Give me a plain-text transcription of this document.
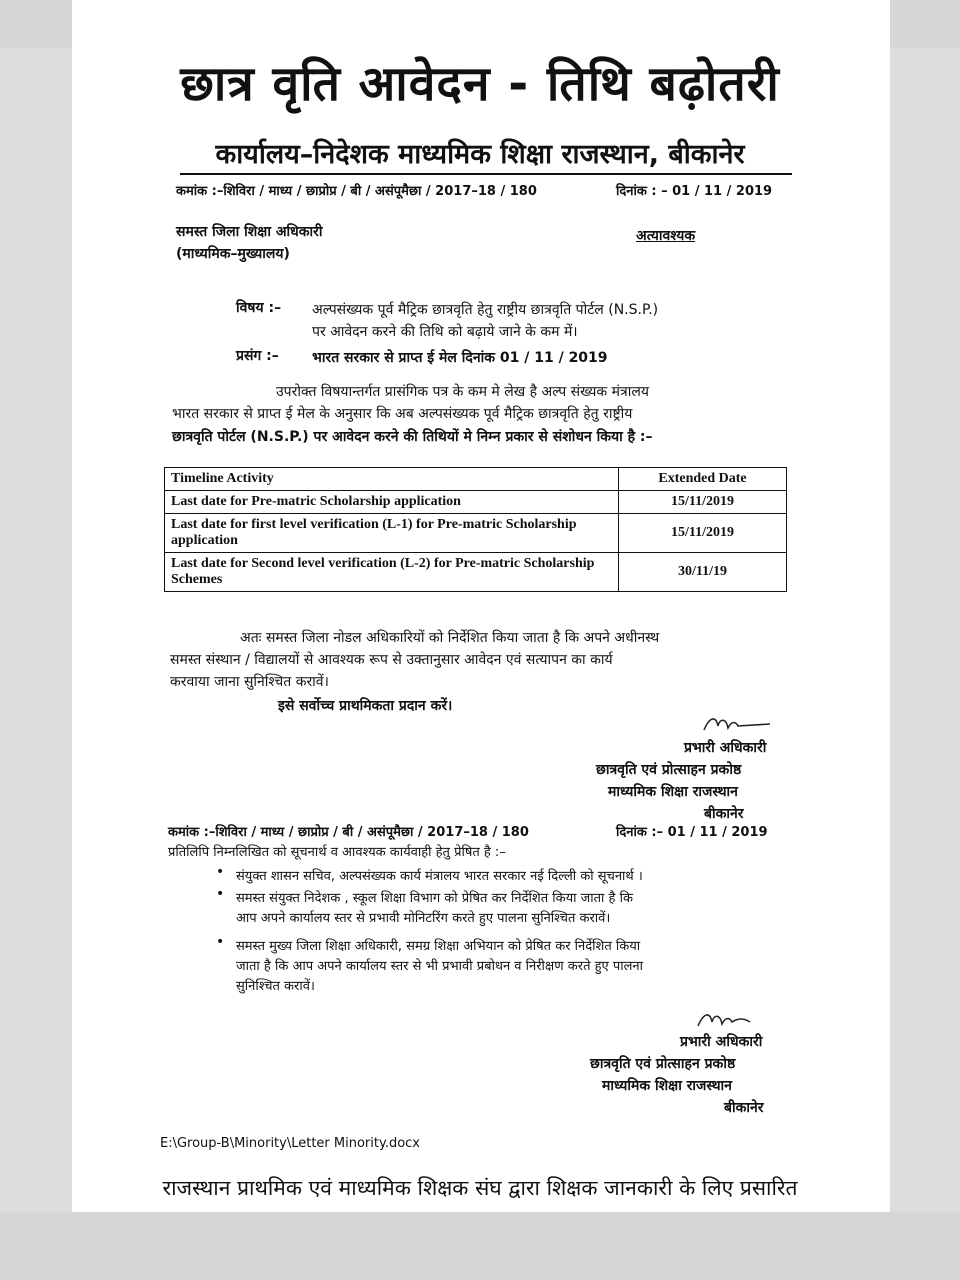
छात्र वृति आवेदन - तिथि बढ़ोतरी
कार्यालय–निदेशक माध्यमिक शिक्षा राजस्थान, बीकानेर
कमांक :–शिविरा / माध्य / छाप्रोप्र / बी / असंपूमैछा / 2017–18 / 180	दिनांक : – 01 / 11 / 2019
समस्त जिला शिक्षा अधिकारी
(माध्यमिक–मुख्यालय)
अत्यावश्यक
विषय :– अल्पसंख्यक पूर्व मैट्रिक छात्रवृति हेतु राष्ट्रीय छात्रवृति पोर्टल (N.S.P.)
पर आवेदन करने की तिथि को बढ़ाये जाने के कम में।
प्रसंग :– भारत सरकार से प्राप्त ई मेल दिनांक 01 / 11 / 2019
उपरोक्त विषयान्तर्गत प्रासंगिक पत्र के कम मे लेख है अल्प संख्यक मंत्रालय
भारत सरकार से प्राप्त ई मेल के अनुसार कि अब अल्पसंख्यक पूर्व मैट्रिक छात्रवृति हेतु राष्ट्रीय
छात्रवृति पोर्टल (N.S.P.) पर आवेदन करने की तिथियों मे निम्न प्रकार से संशोधन किया है :–
Timeline Activity	Extended Date
Last date for Pre-matric Scholarship application	15/11/2019
Last date for first level verification (L-1) for Pre-matric Scholarship application	15/11/2019
Last date for Second level verification (L-2) for Pre-matric Scholarship Schemes	30/11/19
अतः समस्त जिला नोडल अधिकारियों को निर्देशित किया जाता है कि अपने अधीनस्थ
समस्त संस्थान / विद्यालयों से आवश्यक रूप से उक्तानुसार आवेदन एवं सत्यापन का कार्य
करवाया जाना सुनिश्चित करावें।
इसे सर्वोच्च प्राथमिकता प्रदान करें।
प्रभारी अधिकारी
छात्रवृति एवं प्रोत्साहन प्रकोष्ठ
माध्यमिक शिक्षा राजस्थान
बीकानेर
कमांक :–शिविरा / माध्य / छाप्रोप्र / बी / असंपूमैछा / 2017–18 / 180	दिनांक :– 01 / 11 / 2019
प्रतिलिपि निम्नलिखित को सूचनार्थ व आवश्यक कार्यवाही हेतु प्रेषित है :–
• संयुक्त शासन सचिव, अल्पसंख्यक कार्य मंत्रालय भारत सरकार नई दिल्ली को सूचनार्थ ।
• समस्त संयुक्त निदेशक , स्कूल शिक्षा विभाग को प्रेषित कर निर्देशित किया जाता है कि
आप अपने कार्यालय स्तर से प्रभावी मोनिटरिंग करते हुए पालना सुनिश्चित करावें।
• समस्त मुख्य जिला शिक्षा अधिकारी, समग्र शिक्षा अभियान को प्रेषित कर निर्देशित किया
जाता है कि आप अपने कार्यालय स्तर से भी प्रभावी प्रबोधन व निरीक्षण करते हुए पालना
सुनिश्चित करावें।
प्रभारी अधिकारी
छात्रवृति एवं प्रोत्साहन प्रकोष्ठ
माध्यमिक शिक्षा राजस्थान
बीकानेर
E:\Group-B\Minority\Letter Minority.docx
राजस्थान प्राथमिक एवं माध्यमिक शिक्षक संघ द्वारा शिक्षक जानकारी के लिए प्रसारित
